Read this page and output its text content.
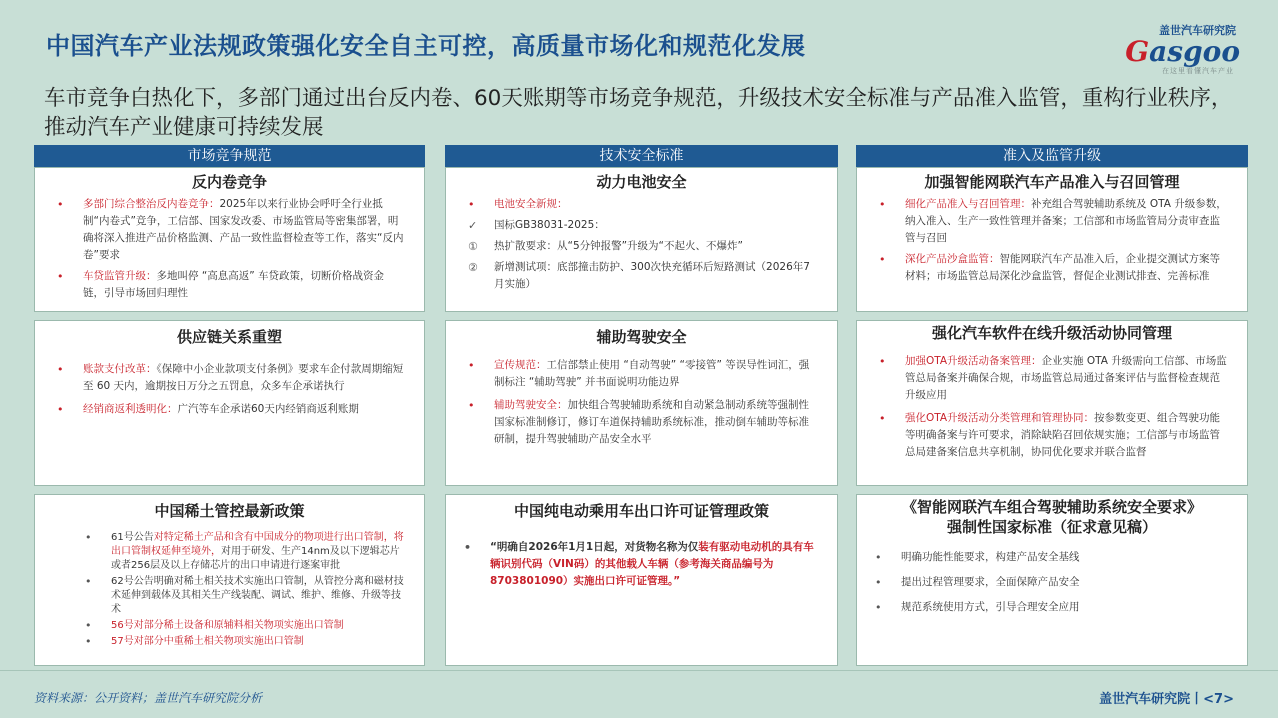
中国汽车产业法规政策强化安全自主可控，高质量市场化和规范化发展
盖世汽车研究院
Gasgoo
在这里看懂汽车产业
车市竞争白热化下，多部门通过出台反内卷、60天账期等市场竞争规范，升级技术安全标准与产品准入监管，重构行业秩序，推动汽车产业健康可持续发展
市场竞争规范	技术安全标准	准入及监管升级
反内卷竞争
• 多部门综合整治反内卷竞争：2025年以来行业协会呼吁全行业抵制“内卷式”竞争，工信部、国家发改委、市场监管局等密集部署，明确将深入推进产品价格监测、产品一致性监督检查等工作，落实“反内卷”要求
• 车贷监管升级：多地叫停 “高息高返” 车贷政策，切断价格战资金链，引导市场回归理性
供应链关系重塑
• 账款支付改革：《保障中小企业款项支付条例》要求车企付款周期缩短至 60 天内，逾期按日万分之五罚息，众多车企承诺执行
• 经销商返利透明化：广汽等车企承诺60天内经销商返利账期
中国稀土管控最新政策
• 61号公告对特定稀土产品和含有中国成分的物项进行出口管制，将出口管制权延伸至境外，对用于研发、生产14nm及以下逻辑芯片或者256层及以上存储芯片的出口申请进行逐案审批
• 62号公告明确对稀土相关技术实施出口管制，从管控分离和磁材技术延伸到载体及其相关生产线装配、调试、维护、维修、升级等技术
• 56号对部分稀土设备和原辅料相关物项实施出口管制
• 57号对部分中重稀土相关物项实施出口管制
动力电池安全
• 电池安全新规：
✓ 国标GB38031-2025：
① 热扩散要求：从“5分钟报警”升级为“不起火、不爆炸”
② 新增测试项：底部撞击防护、300次快充循环后短路测试（2026年7月实施）
辅助驾驶安全
• 宣传规范：工信部禁止使用 “自动驾驶” “零接管” 等误导性词汇，强制标注 “辅助驾驶” 并书面说明功能边界
• 辅助驾驶安全：加快组合驾驶辅助系统和自动紧急制动系统等强制性国家标准制修订，修订车道保持辅助系统标准，推动倒车辅助等标准研制，提升驾驶辅助产品安全水平
中国纯电动乘用车出口许可证管理政策
• “明确自2026年1月1日起，对货物名称为仅装有驱动电动机的具有车辆识别代码（VIN码）的其他载人车辆（参考海关商品编号为8703801090）实施出口许可证管理。”
加强智能网联汽车产品准入与召回管理
• 细化产品准入与召回管理：补充组合驾驶辅助系统及 OTA 升级参数，纳入准入、生产一致性管理并备案；工信部和市场监管局分责审查监管与召回
• 深化产品沙盒监管：智能网联汽车产品准入后，企业提交测试方案等材料；市场监管总局深化沙盒监管，督促企业测试排查、完善标准
强化汽车软件在线升级活动协同管理
• 加强OTA升级活动备案管理：企业实施 OTA 升级需向工信部、市场监管总局备案并确保合规，市场监管总局通过备案评估与监督检查规范升级应用
• 强化OTA升级活动分类管理和管理协同：按参数变更、组合驾驶功能等明确备案与许可要求，消除缺陷召回依规实施；工信部与市场监管总局建备案信息共享机制，协同优化要求并联合监督
《智能网联汽车组合驾驶辅助系统安全要求》
强制性国家标准（征求意见稿）
• 明确功能性能要求，构建产品安全基线
• 提出过程管理要求，全面保障产品安全
• 规范系统使用方式，引导合理安全应用
资料来源：公开资料；盖世汽车研究院分析	盖世汽车研究院丨<7>
